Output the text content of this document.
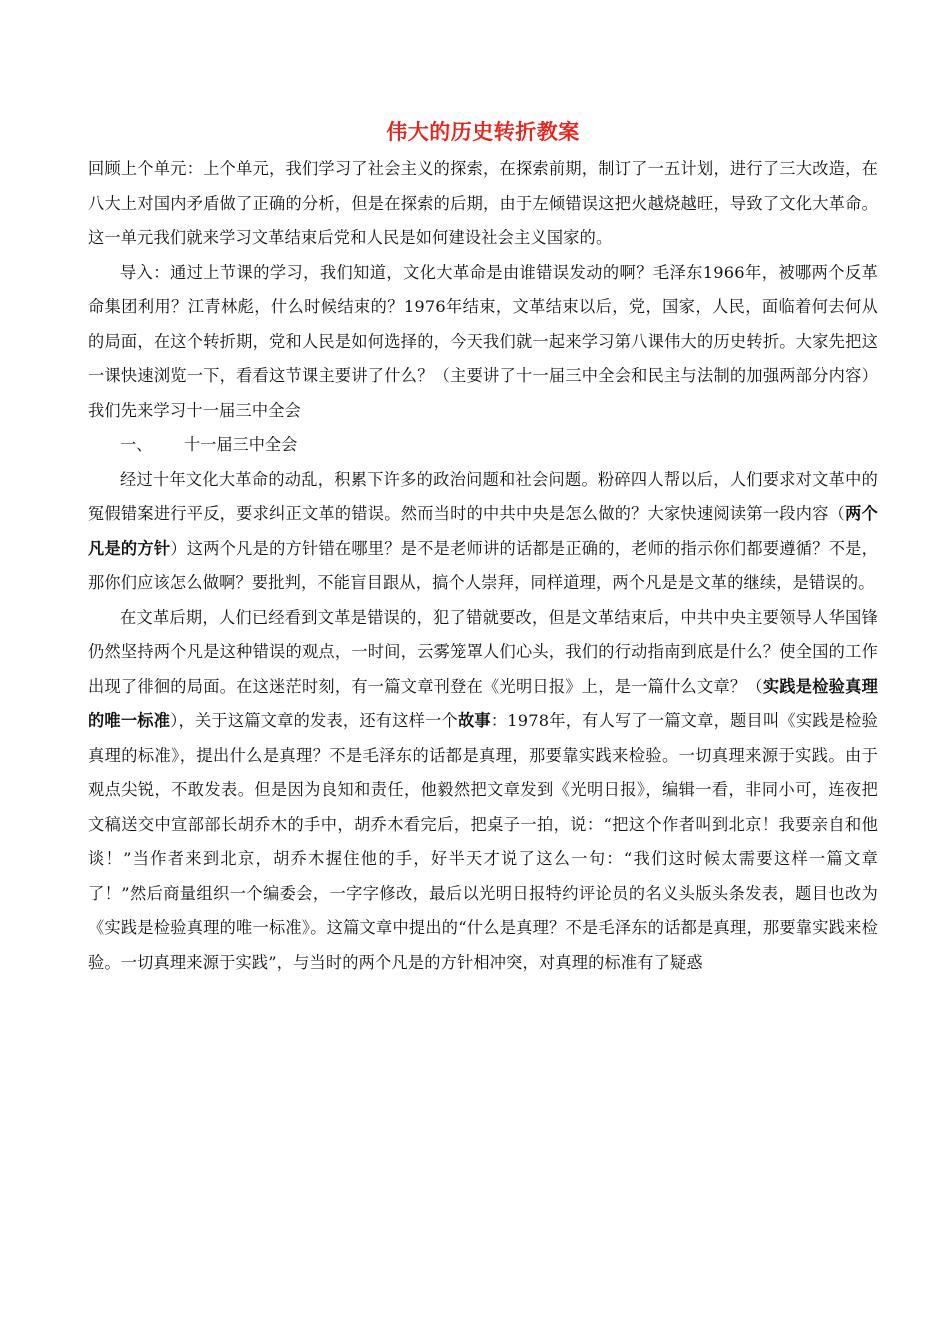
伟大的历史转折教案

回顾上个单元：上个单元，我们学习了社会主义的探索，在探索前期，制订了一五计划，进行了三大改造，在八大上对国内矛盾做了正确的分析，但是在探索的后期，由于左倾错误这把火越烧越旺，导致了文化大革命。这一单元我们就来学习文革结束后党和人民是如何建设社会主义国家的。

导入：通过上节课的学习，我们知道，文化大革命是由谁错误发动的啊？毛泽东1966年，被哪两个反革命集团利用？江青林彪，什么时候结束的？1976年结束，文革结束以后，党，国家，人民，面临着何去何从的局面，在这个转折期，党和人民是如何选择的，今天我们就一起来学习第八课伟大的历史转折。大家先把这一课快速浏览一下，看看这节课主要讲了什么？（主要讲了十一届三中全会和民主与法制的加强两部分内容）我们先来学习十一届三中全会

一、 十一届三中全会

经过十年文化大革命的动乱，积累下许多的政治问题和社会问题。粉碎四人帮以后，人们要求对文革中的冤假错案进行平反，要求纠正文革的错误。然而当时的中共中央是怎么做的？大家快速阅读第一段内容（两个凡是的方针）这两个凡是的方针错在哪里？是不是老师讲的话都是正确的，老师的指示你们都要遵循？不是，那你们应该怎么做啊？要批判，不能盲目跟从，搞个人崇拜，同样道理，两个凡是是文革的继续，是错误的。

在文革后期，人们已经看到文革是错误的，犯了错就要改，但是文革结束后，中共中央主要领导人华国锋仍然坚持两个凡是这种错误的观点，一时间，云雾笼罩人们心头，我们的行动指南到底是什么？使全国的工作出现了徘徊的局面。在这迷茫时刻，有一篇文章刊登在《光明日报》上，是一篇什么文章？（实践是检验真理的唯一标准），关于这篇文章的发表，还有这样一个故事：1978年，有人写了一篇文章，题目叫《实践是检验真理的标准》，提出什么是真理？不是毛泽东的话都是真理，那要靠实践来检验。一切真理来源于实践。由于观点尖锐，不敢发表。但是因为良知和责任，他毅然把文章发到《光明日报》，编辑一看，非同小可，连夜把文稿送交中宣部部长胡乔木的手中，胡乔木看完后，把桌子一拍，说：“把这个作者叫到北京！我要亲自和他谈！”当作者来到北京，胡乔木握住他的手，好半天才说了这么一句：“我们这时候太需要这样一篇文章了！”然后商量组织一个编委会，一字字修改，最后以光明日报特约评论员的名义头版头条发表，题目也改为《实践是检验真理的唯一标准》。这篇文章中提出的“什么是真理？不是毛泽东的话都是真理，那要靠实践来检验。一切真理来源于实践”，与当时的两个凡是的方针相冲突，对真理的标准有了疑惑
